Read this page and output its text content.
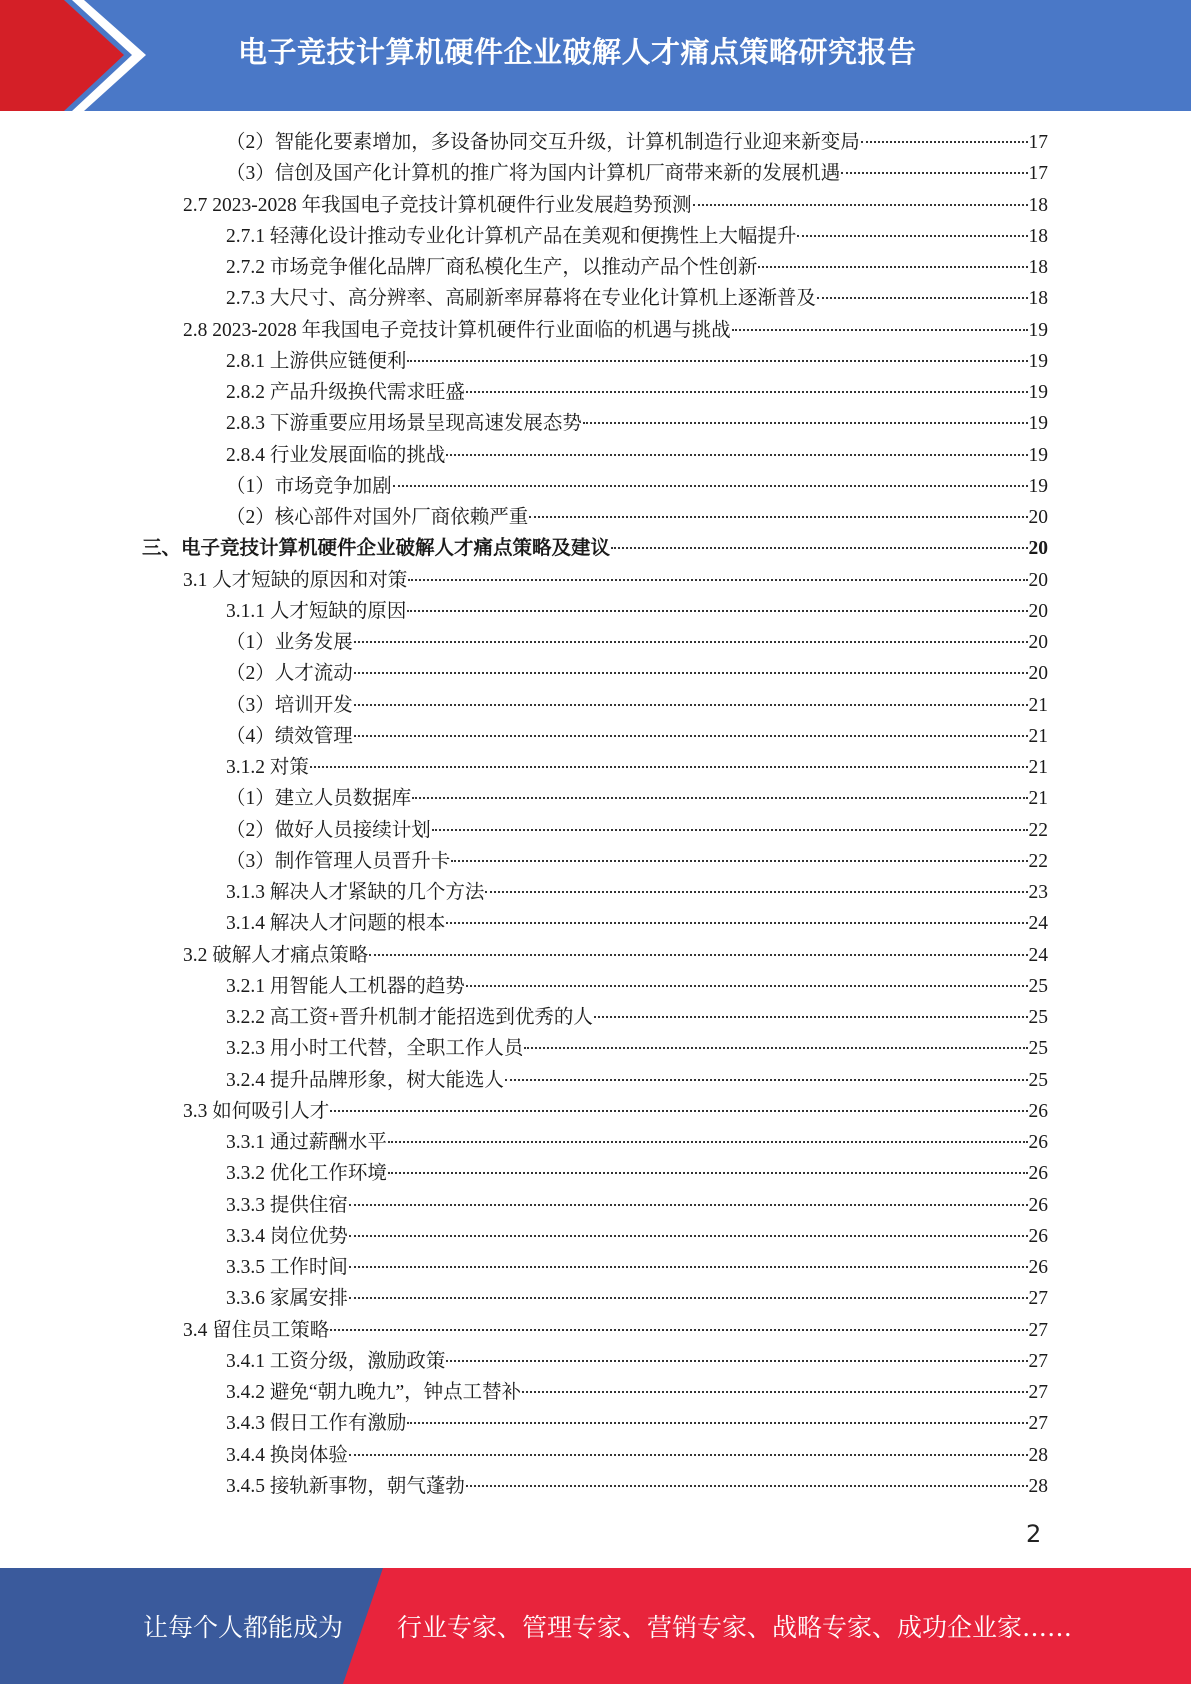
电子竞技计算机硬件企业破解人才痛点策略研究报告
（2）智能化要素增加，多设备协同交互升级，计算机制造行业迎来新变局	17
（3）信创及国产化计算机的推广将为国内计算机厂商带来新的发展机遇	17
2.7 2023-2028 年我国电子竞技计算机硬件行业发展趋势预测	18
2.7.1 轻薄化设计推动专业化计算机产品在美观和便携性上大幅提升	18
2.7.2 市场竞争催化品牌厂商私模化生产，以推动产品个性创新	18
2.7.3 大尺寸、高分辨率、高刷新率屏幕将在专业化计算机上逐渐普及	18
2.8 2023-2028 年我国电子竞技计算机硬件行业面临的机遇与挑战	19
2.8.1 上游供应链便利	19
2.8.2 产品升级换代需求旺盛	19
2.8.3 下游重要应用场景呈现高速发展态势	19
2.8.4 行业发展面临的挑战	19
（1）市场竞争加剧	19
（2）核心部件对国外厂商依赖严重	20
三、电子竞技计算机硬件企业破解人才痛点策略及建议	20
3.1 人才短缺的原因和对策	20
3.1.1 人才短缺的原因	20
（1）业务发展	20
（2）人才流动	20
（3）培训开发	21
（4）绩效管理	21
3.1.2 对策	21
（1）建立人员数据库	21
（2）做好人员接续计划	22
（3）制作管理人员晋升卡	22
3.1.3 解决人才紧缺的几个方法	23
3.1.4 解决人才问题的根本	24
3.2 破解人才痛点策略	24
3.2.1 用智能人工机器的趋势	25
3.2.2 高工资+晋升机制才能招选到优秀的人	25
3.2.3 用小时工代替，全职工作人员	25
3.2.4 提升品牌形象，树大能选人	25
3.3 如何吸引人才	26
3.3.1 通过薪酬水平	26
3.3.2 优化工作环境	26
3.3.3 提供住宿	26
3.3.4 岗位优势	26
3.3.5 工作时间	26
3.3.6 家属安排	27
3.4 留住员工策略	27
3.4.1 工资分级，激励政策	27
3.4.2 避免“朝九晚九”，钟点工替补	27
3.4.3 假日工作有激励	27
3.4.4 换岗体验	28
3.4.5 接轨新事物，朝气蓬勃	28
2
让每个人都能成为 行业专家、管理专家、营销专家、战略专家、成功企业家……
